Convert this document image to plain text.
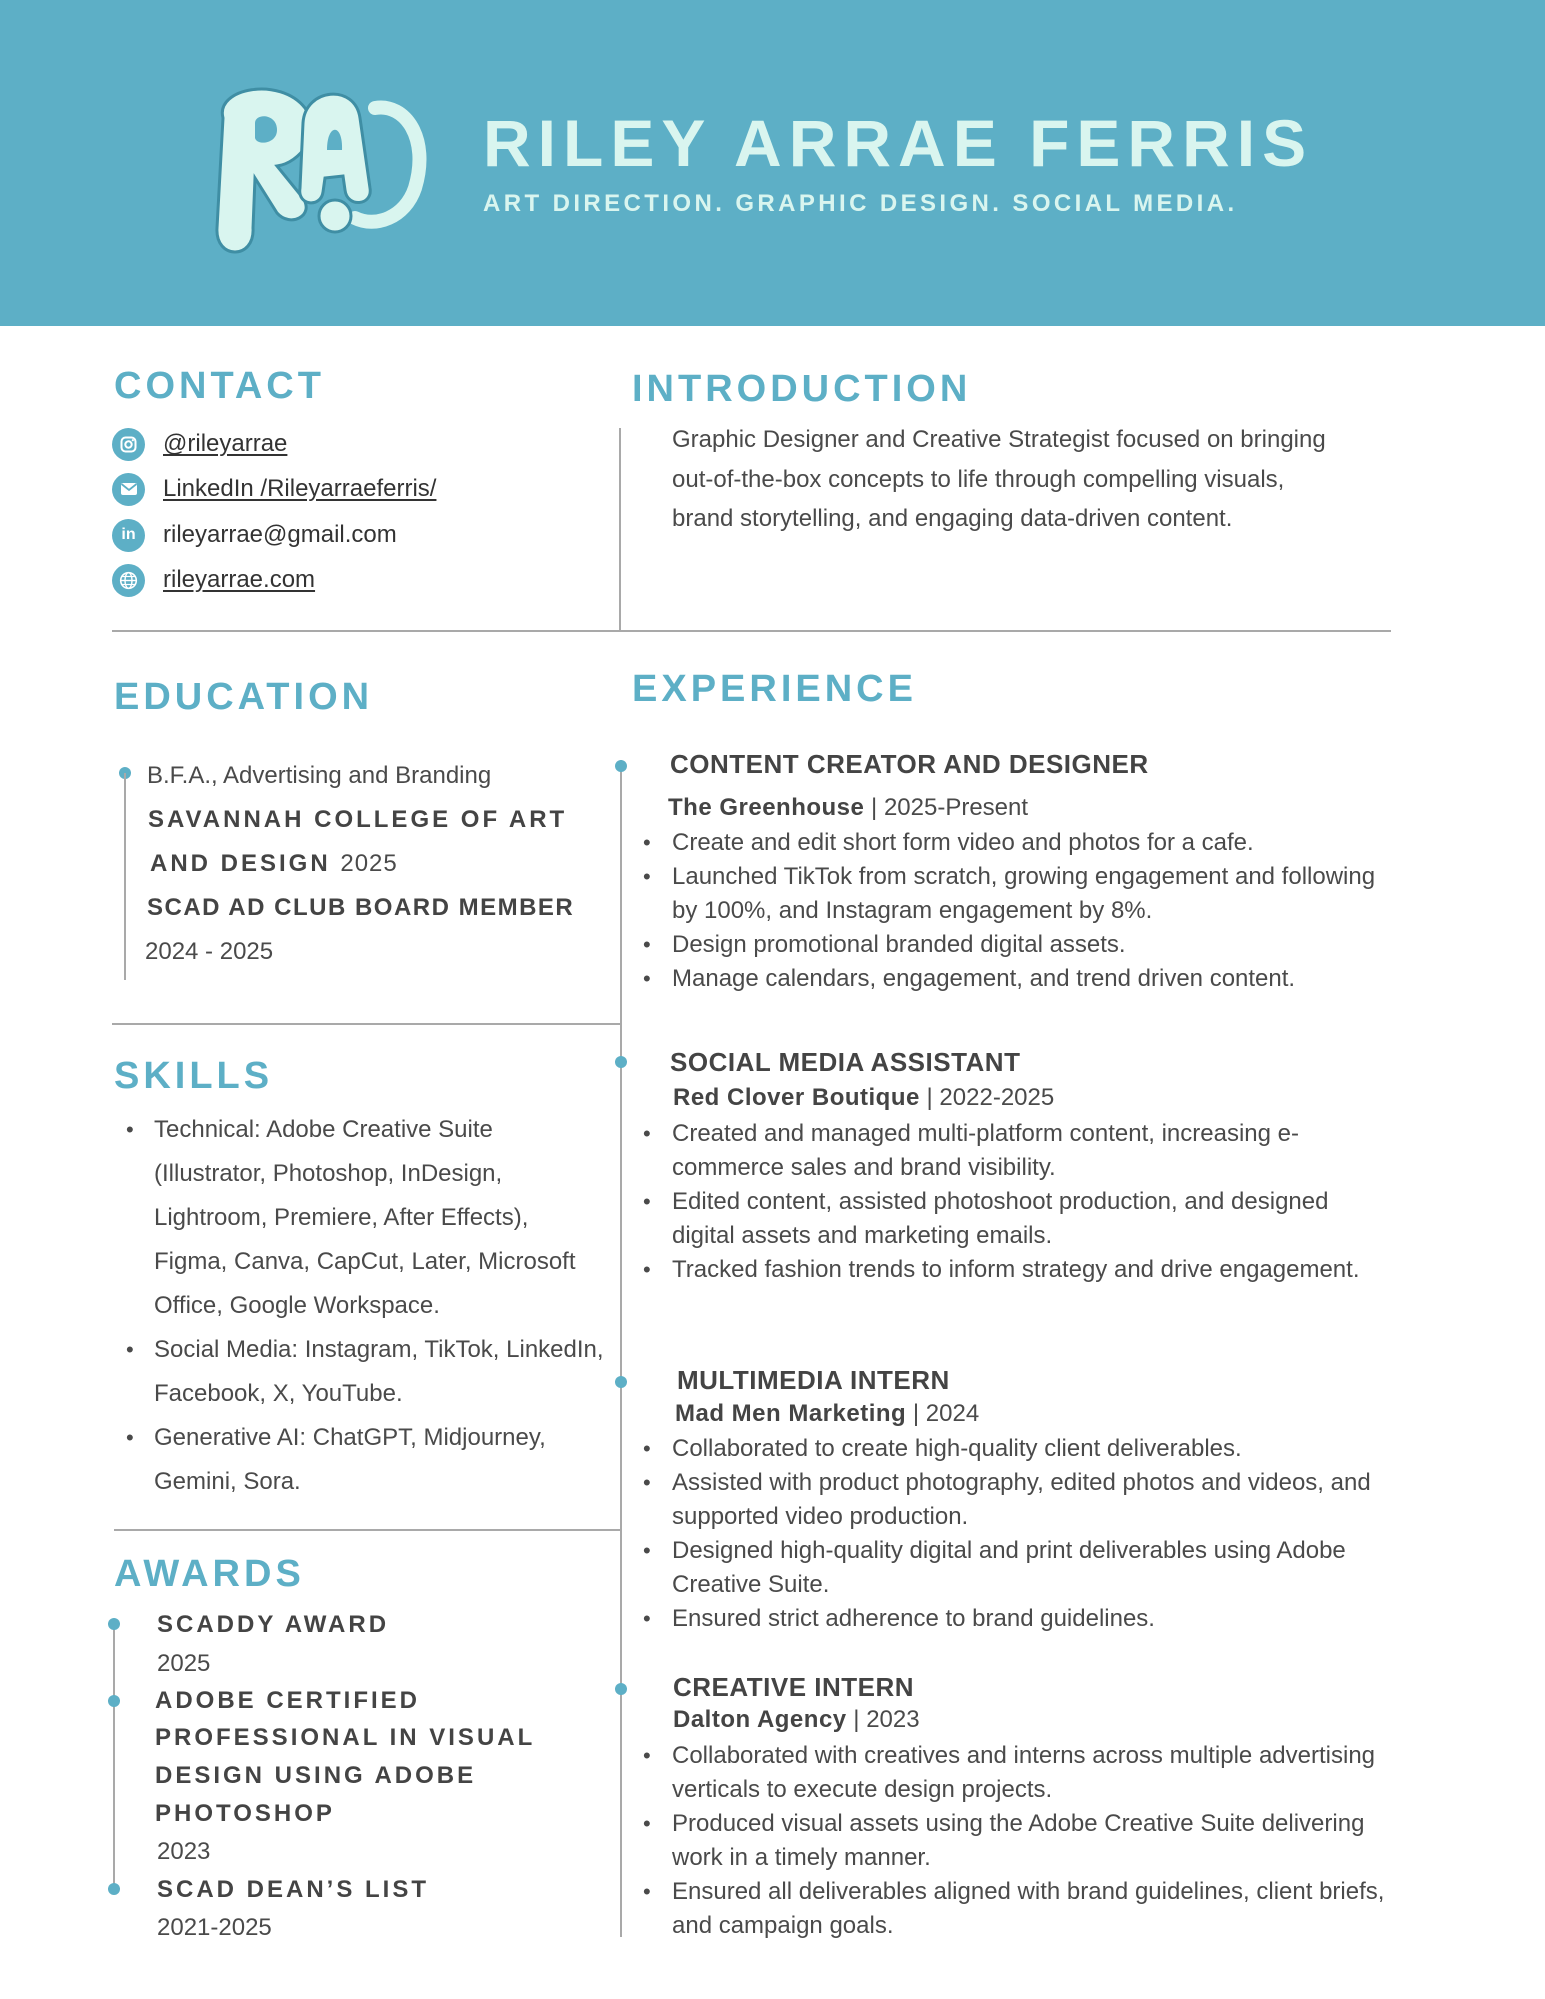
RILEY ARRAE FERRIS
ART DIRECTION. GRAPHIC DESIGN. SOCIAL MEDIA.
CONTACT
@rileyarrae
LinkedIn /Rileyarraeferris/
in	rileyarrae@gmail.com
rileyarrae.com
INTRODUCTION
Graphic Designer and Creative Strategist focused on bringing out-of-the-box concepts to life through compelling visuals, brand storytelling, and engaging data-driven content.
EDUCATION
B.F.A., Advertising and Branding
SAVANNAH COLLEGE OF ART
AND DESIGN 2025
SCAD AD CLUB BOARD MEMBER
2024 - 2025
SKILLS
• Technical: Adobe Creative Suite (Illustrator, Photoshop, InDesign, Lightroom, Premiere, After Effects), Figma, Canva, CapCut, Later, Microsoft Office, Google Workspace.
• Social Media: Instagram, TikTok, LinkedIn, Facebook, X, YouTube.
• Generative AI: ChatGPT, Midjourney, Gemini, Sora.
AWARDS
SCADDY AWARD
2025
ADOBE CERTIFIED
PROFESSIONAL IN VISUAL
DESIGN USING ADOBE
PHOTOSHOP
2023
SCAD DEAN’S LIST
2021-2025
EXPERIENCE
CONTENT CREATOR AND DESIGNER
The Greenhouse | 2025-Present
• Create and edit short form video and photos for a cafe.
• Launched TikTok from scratch, growing engagement and following by 100%, and Instagram engagement by 8%.
• Design promotional branded digital assets.
• Manage calendars, engagement, and trend driven content.
SOCIAL MEDIA ASSISTANT
Red Clover Boutique | 2022-2025
• Created and managed multi-platform content, increasing e-commerce sales and brand visibility.
• Edited content, assisted photoshoot production, and designed digital assets and marketing emails.
• Tracked fashion trends to inform strategy and drive engagement.
MULTIMEDIA INTERN
Mad Men Marketing | 2024
• Collaborated to create high-quality client deliverables.
• Assisted with product photography, edited photos and videos, and supported video production.
• Designed high-quality digital and print deliverables using Adobe Creative Suite.
• Ensured strict adherence to brand guidelines.
CREATIVE INTERN
Dalton Agency | 2023
• Collaborated with creatives and interns across multiple advertising verticals to execute design projects.
• Produced visual assets using the Adobe Creative Suite delivering work in a timely manner.
• Ensured all deliverables aligned with brand guidelines, client briefs, and campaign goals.
